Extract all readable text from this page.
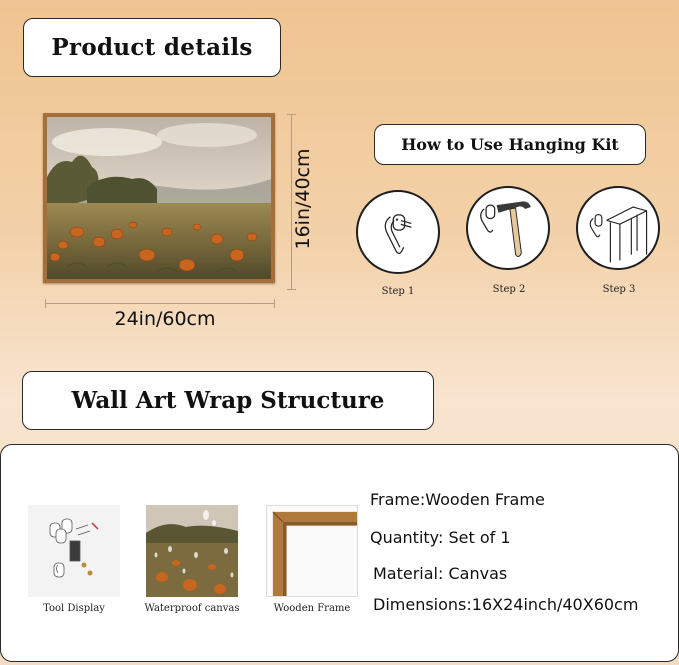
Product details
16in/40cm
24in/60cm
How to Use Hanging Kit
Step 1	Step 2	Step 3
Wall Art Wrap Structure
Tool Display	Waterproof canvas	Wooden Frame
Frame:Wooden Frame
Quantity: Set of 1
Material: Canvas
Dimensions:16X24inch/40X60cm
